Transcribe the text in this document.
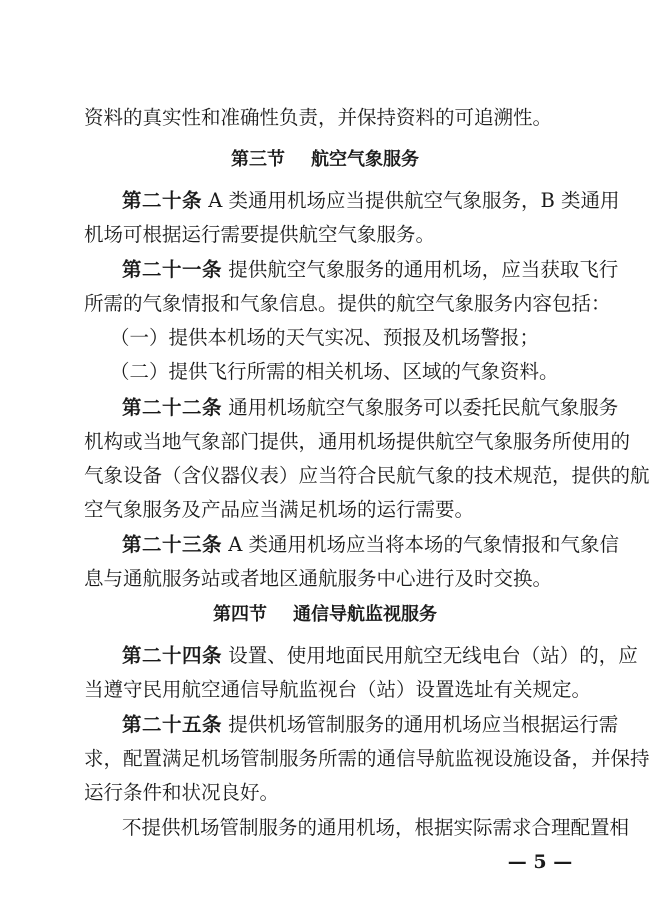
资料的真实性和准确性负责，并保持资料的可追溯性。
第三节 航空气象服务
第二十条 A 类通用机场应当提供航空气象服务，B 类通用
机场可根据运行需要提供航空气象服务。
第二十一条 提供航空气象服务的通用机场，应当获取飞行
所需的气象情报和气象信息。提供的航空气象服务内容包括：
（一）提供本机场的天气实况、预报及机场警报；
（二）提供飞行所需的相关机场、区域的气象资料。
第二十二条 通用机场航空气象服务可以委托民航气象服务
机构或当地气象部门提供，通用机场提供航空气象服务所使用的
气象设备（含仪器仪表）应当符合民航气象的技术规范，提供的航
空气象服务及产品应当满足机场的运行需要。
第二十三条 A 类通用机场应当将本场的气象情报和气象信
息与通航服务站或者地区通航服务中心进行及时交换。
第四节 通信导航监视服务
第二十四条 设置、使用地面民用航空无线电台（站）的，应
当遵守民用航空通信导航监视台（站）设置选址有关规定。
第二十五条 提供机场管制服务的通用机场应当根据运行需
求，配置满足机场管制服务所需的通信导航监视设施设备，并保持
运行条件和状况良好。
不提供机场管制服务的通用机场，根据实际需求合理配置相
— 5 —
